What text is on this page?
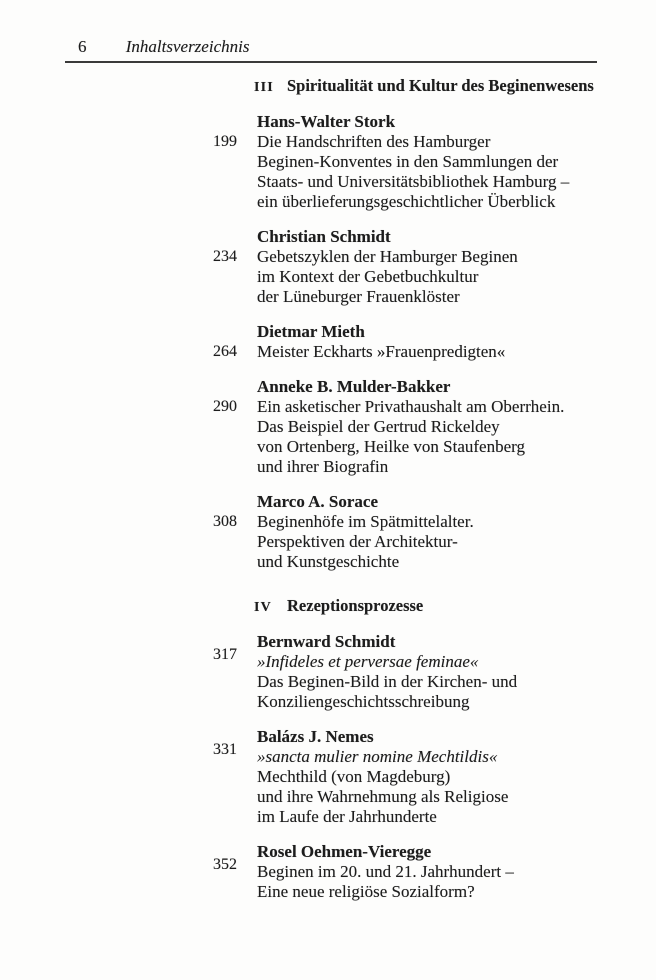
6 Inhaltsverzeichnis
III Spiritualität und Kultur des Beginenwesens
199
Hans-Walter Stork
Die Handschriften des Hamburger
Beginen-Konventes in den Sammlungen der
Staats- und Universitätsbibliothek Hamburg –
ein überlieferungsgeschichtlicher Überblick
234
Christian Schmidt
Gebetszyklen der Hamburger Beginen
im Kontext der Gebetbuchkultur
der Lüneburger Frauenklöster
264
Dietmar Mieth
Meister Eckharts »Frauenpredigten«
290
Anneke B. Mulder-Bakker
Ein asketischer Privathaushalt am Oberrhein.
Das Beispiel der Gertrud Rickeldey
von Ortenberg, Heilke von Staufenberg
und ihrer Biografin
308
Marco A. Sorace
Beginenhöfe im Spätmittelalter.
Perspektiven der Architektur-
und Kunstgeschichte
IV Rezeptionsprozesse
317
Bernward Schmidt
»Infideles et perversae feminae«
Das Beginen-Bild in der Kirchen- und
Konziliengeschichtsschreibung
331
Balázs J. Nemes
»sancta mulier nomine Mechtildis«
Mechthild (von Magdeburg)
und ihre Wahrnehmung als Religiose
im Laufe der Jahrhunderte
352
Rosel Oehmen-Vieregge
Beginen im 20. und 21. Jahrhundert –
Eine neue religiöse Sozialform?
